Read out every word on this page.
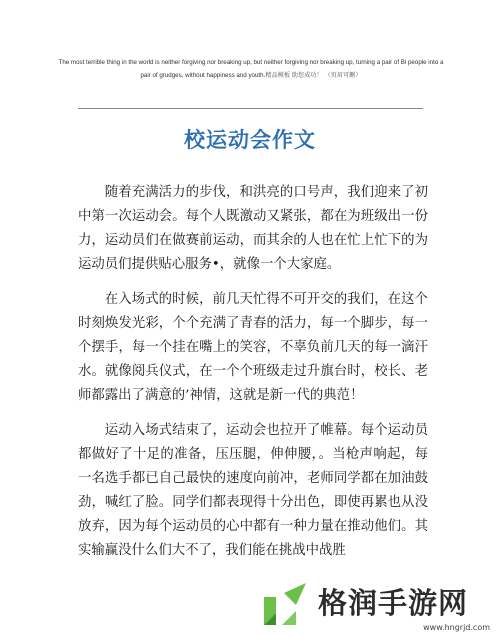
The most terrible thing in the world is neither forgiving nor breaking up, but neither forgiving nor breaking up, turning a pair of Bi people into a pair of grudges, without happiness and youth.精品模板 助您成功！ （页眉可删）
校运动会作文

随着充满活力的步伐，和洪亮的口号声，我们迎来了初中第一次运动会。每个人既激动又紧张，都在为班级出一份力，运动员们在做赛前运动，而其余的人也在忙上忙下的为运动员们提供贴心服务•，就像一个大家庭。

在入场式的时候，前几天忙得不可开交的我们，在这个时刻焕发光彩，个个充满了青春的活力，每一个脚步，每一个摆手，每一个挂在嘴上的笑容，不辜负前几天的每一滴汗水。就像阅兵仪式，在一个个班级走过升旗台时，校长、老师都露出了满意的’神情，这就是新一代的典范！

运动入场式结束了，运动会也拉开了帷幕。每个运动员都做好了十足的准备，压压腿，伸伸腰，。当枪声响起，每一名选手都已自己最快的速度向前冲，老师同学都在加油鼓劲，喊红了脸。同学们都表现得十分出色，即使再累也从没放弃，因为每个运动员的心中都有一种力量在推动他们。其实输赢没什么们大不了，我们能在挑战中战胜

格润手游网
www.hngrjd.com
